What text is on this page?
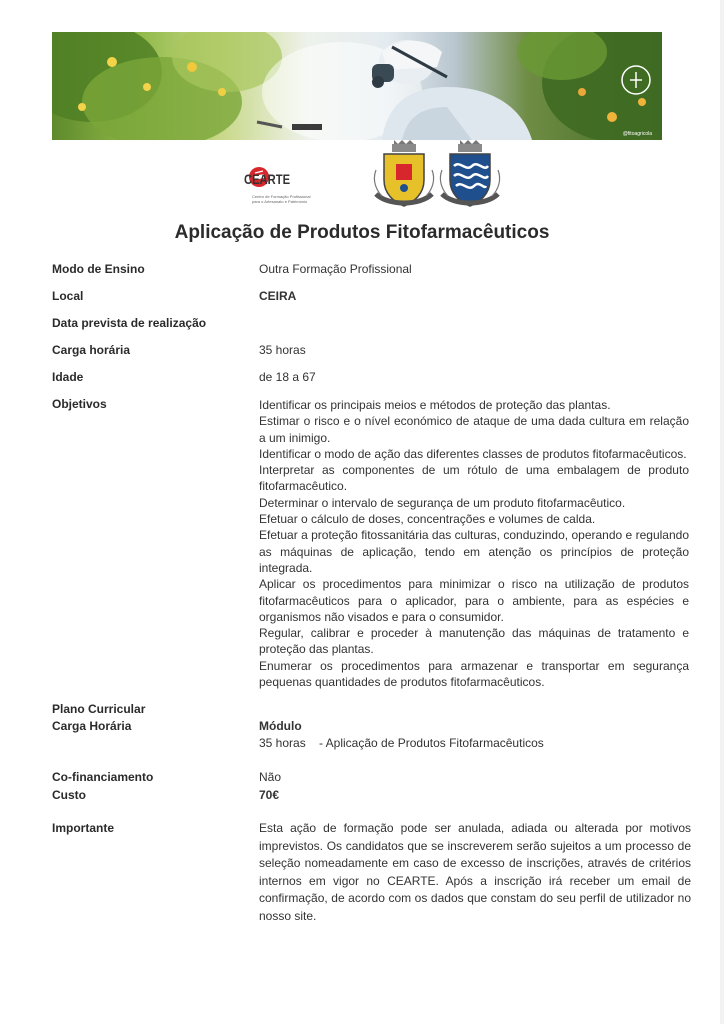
@fitoagricola
CEARTE
Centro de Formação Profissional para o Artesanato e Património
Aplicação de Produtos Fitofarmacêuticos
Modo de Ensino	Outra Formação Profissional
Local	CEIRA
Data prevista de realização
Carga horária	35 horas
Idade	de 18 a 67
Objetivos	Identificar os principais meios e métodos de proteção das plantas.

Estimar o risco e o nível económico de ataque de uma dada cultura em relação a um inimigo.

Identificar o modo de ação das diferentes classes de produtos fitofarmacêuticos.

Interpretar as componentes de um rótulo de uma embalagem de produto fitofarmacêutico.

Determinar o intervalo de segurança de um produto fitofarmacêutico.

Efetuar o cálculo de doses, concentrações e volumes de calda.

Efetuar a proteção fitossanitária das culturas, conduzindo, operando e regulando as máquinas de aplicação, tendo em atenção os princípios de proteção integrada.

Aplicar os procedimentos para minimizar o risco na utilização de produtos fitofarmacêuticos para o aplicador, para o ambiente, para as espécies e organismos não visados e para o consumidor.

Regular, calibrar e proceder à manutenção das máquinas de tratamento e proteção das plantas.

Enumerar os procedimentos para armazenar e transportar em segurança pequenas quantidades de produtos fitofarmacêuticos.

Plano Curricular
Carga Horária	Módulo
35 horas - Aplicação de Produtos Fitofarmacêuticos
Co-financiamento	Não
Custo	70€
Importante	Esta ação de formação pode ser anulada, adiada ou alterada por motivos imprevistos. Os candidatos que se inscreverem serão sujeitos a um processo de seleção nomeadamente em caso de excesso de inscrições, através de critérios internos em vigor no CEARTE. Após a inscrição irá receber um email de confirmação, de acordo com os dados que constam do seu perfil de utilizador no nosso site.
